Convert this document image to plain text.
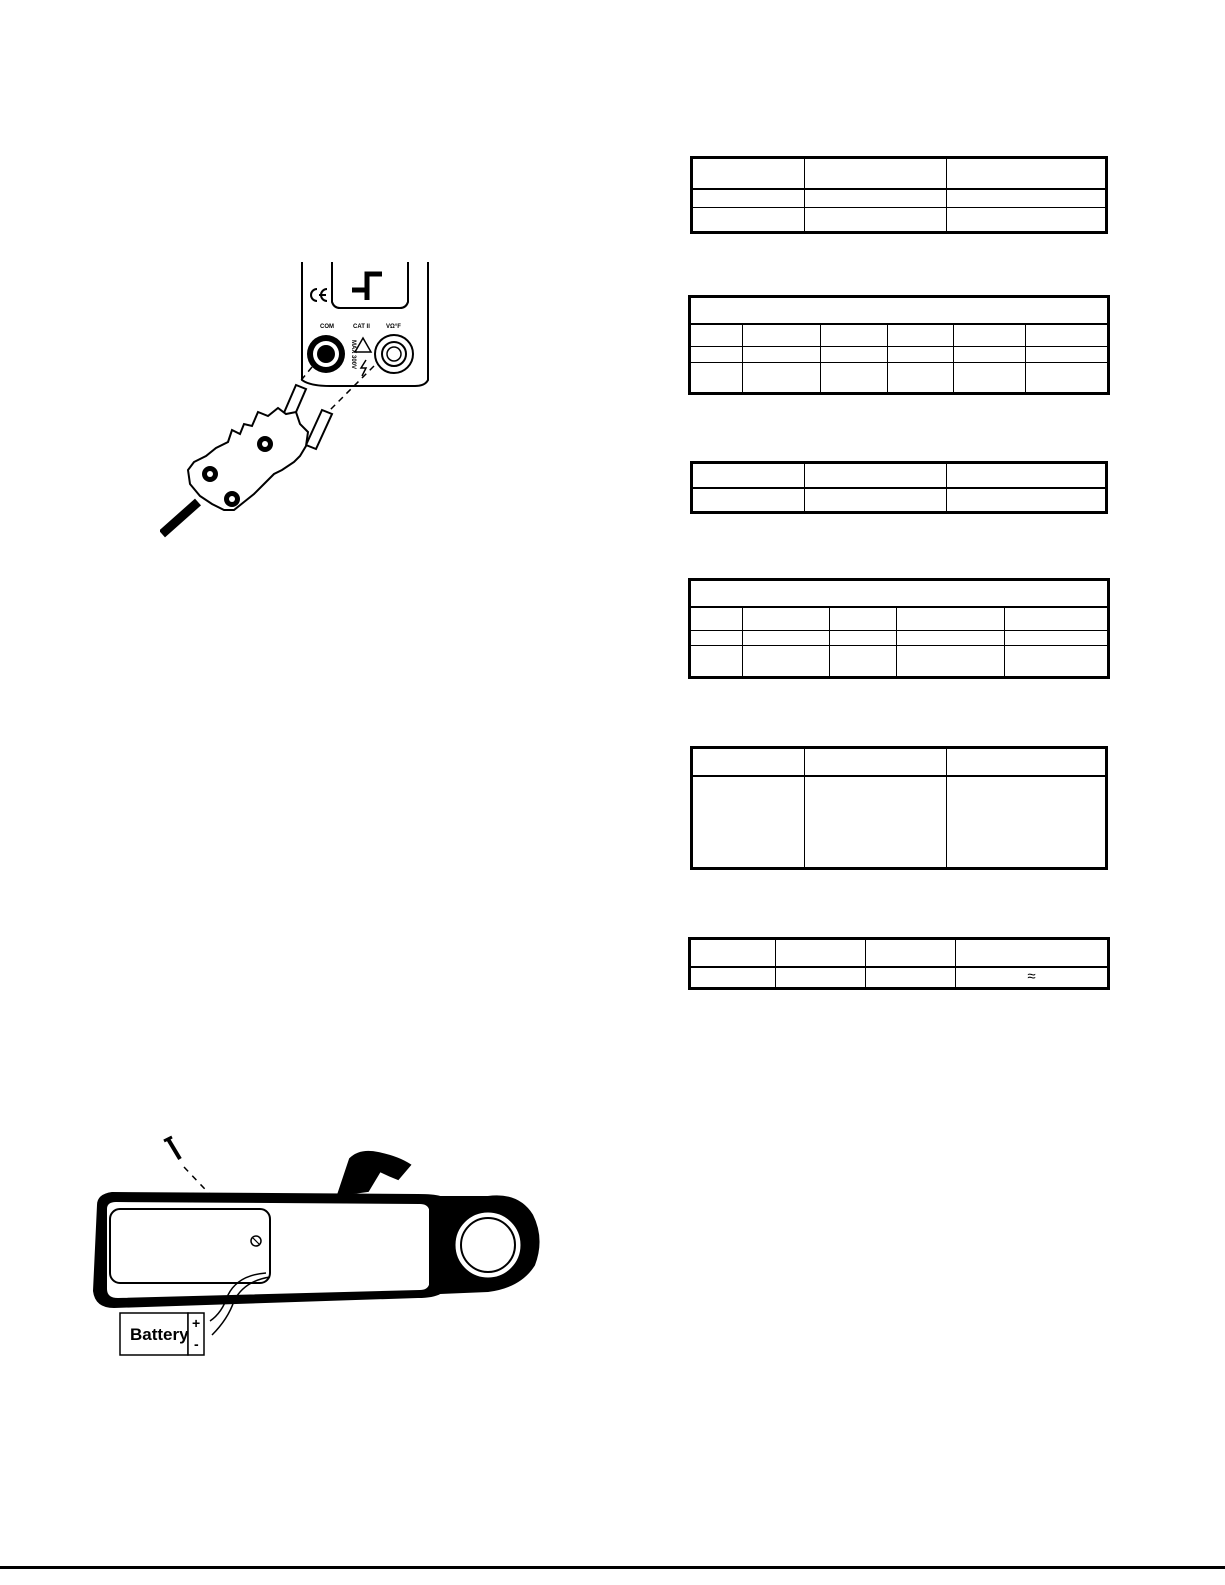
COM	CAT II	VΩ°F
MAX 300V
Battery
+
-

			≈
